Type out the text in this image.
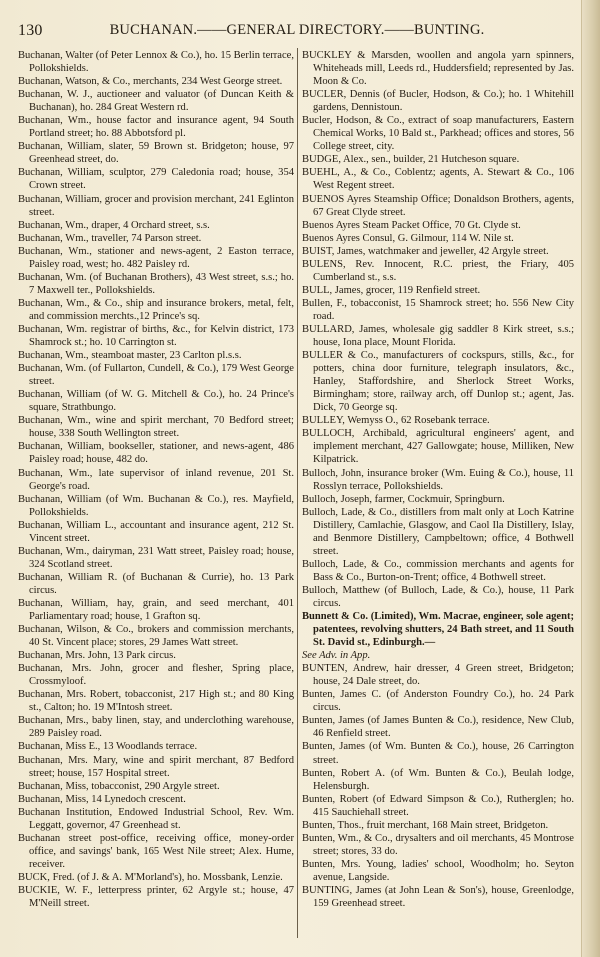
130	BUCHANAN.——GENERAL DIRECTORY.——BUNTING.
Buchanan, Walter (of Peter Lennox & Co.), ho. 15 Berlin terrace, Pollokshields.
Buchanan, Watson, & Co., merchants, 234 West George street.
Buchanan, W. J., auctioneer and valuator (of Duncan Keith & Buchanan), ho. 284 Great Western rd.
Buchanan, Wm., house factor and insurance agent, 94 South Portland street; ho. 88 Abbotsford pl.
Buchanan, William, slater, 59 Brown st. Bridgeton; house, 97 Greenhead street, do.
Buchanan, William, sculptor, 279 Caledonia road; house, 354 Crown street.
Buchanan, William, grocer and provision merchant, 241 Eglinton street.
Buchanan, Wm., draper, 4 Orchard street, s.s.
Buchanan, Wm., traveller, 74 Parson street.
Buchanan, Wm., stationer and news-agent, 2 Easton terrace, Paisley road, west; ho. 482 Paisley rd.
Buchanan, Wm. (of Buchanan Brothers), 43 West street, s.s.; ho. 7 Maxwell ter., Pollokshields.
Buchanan, Wm., & Co., ship and insurance brokers, metal, felt, and commission merchts.,12 Prince's sq.
Buchanan, Wm. registrar of births, &c., for Kelvin district, 173 Shamrock st.; ho. 10 Carrington st.
Buchanan, Wm., steamboat master, 23 Carlton pl.s.s.
Buchanan, Wm. (of Fullarton, Cundell, & Co.), 179 West George street.
Buchanan, William (of W. G. Mitchell & Co.), ho. 24 Prince's square, Strathbungo.
Buchanan, Wm., wine and spirit merchant, 70 Bedford street; house, 338 South Wellington street.
Buchanan, William, bookseller, stationer, and news-agent, 486 Paisley road; house, 482 do.
Buchanan, Wm., late supervisor of inland revenue, 201 St. George's road.
Buchanan, William (of Wm. Buchanan & Co.), res. Mayfield, Pollokshields.
Buchanan, William L., accountant and insurance agent, 212 St. Vincent street.
Buchanan, Wm., dairyman, 231 Watt street, Paisley road; house, 324 Scotland street.
Buchanan, William R. (of Buchanan & Currie), ho. 13 Park circus.
Buchanan, William, hay, grain, and seed merchant, 401 Parliamentary road; house, 1 Grafton sq.
Buchanan, Wilson, & Co., brokers and commission merchants, 40 St. Vincent place; stores, 29 James Watt street.
Buchanan, Mrs. John, 13 Park circus.
Buchanan, Mrs. John, grocer and flesher, Spring place, Crossmyloof.
Buchanan, Mrs. Robert, tobacconist, 217 High st.; and 80 King st., Calton; ho. 19 M'Intosh street.
Buchanan, Mrs., baby linen, stay, and underclothing warehouse, 289 Paisley road.
Buchanan, Miss E., 13 Woodlands terrace.
Buchanan, Mrs. Mary, wine and spirit merchant, 87 Bedford street; house, 157 Hospital street.
Buchanan, Miss, tobacconist, 290 Argyle street.
Buchanan, Miss, 14 Lynedoch crescent.
Buchanan Institution, Endowed Industrial School, Rev. Wm. Leggatt, governor, 47 Greenhead st.
Buchanan street post-office, receiving office, money-order office, and savings' bank, 165 West Nile street; Alex. Hume, receiver.
BUCK, Fred. (of J. & A. M'Morland's), ho. Mossbank, Lenzie.
BUCKIE, W. F., letterpress printer, 62 Argyle st.; house, 47 M'Neill street.
BUCKLEY & Marsden, woollen and angola yarn spinners, Whiteheads mill, Leeds rd., Huddersfield; represented by Jas. Moon & Co.
BUCLER, Dennis (of Bucler, Hodson, & Co.); ho. 1 Whitehill gardens, Dennistoun.
Bucler, Hodson, & Co., extract of soap manufacturers, Eastern Chemical Works, 10 Bald st., Parkhead; offices and stores, 56 College street, city.
BUDGE, Alex., sen., builder, 21 Hutcheson square.
BUEHL, A., & Co., Coblentz; agents, A. Stewart & Co., 106 West Regent street.
BUENOS Ayres Steamship Office; Donaldson Brothers, agents, 67 Great Clyde street.
Buenos Ayres Steam Packet Office, 70 Gt. Clyde st.
Buenos Ayres Consul, G. Gilmour, 114 W. Nile st.
BUIST, James, watchmaker and jeweller, 42 Argyle street.
BULENS, Rev. Innocent, R.C. priest, the Friary, 405 Cumberland st., s.s.
BULL, James, grocer, 119 Renfield street.
Bullen, F., tobacconist, 15 Shamrock street; ho. 556 New City road.
BULLARD, James, wholesale gig saddler 8 Kirk street, s.s.; house, Iona place, Mount Florida.
BULLER & Co., manufacturers of cockspurs, stills, &c., for potters, china door furniture, telegraph insulators, &c., Hanley, Staffordshire, and Sherlock Street Works, Birmingham; store, railway arch, off Dunlop st.; agent, Jas. Dick, 70 George sq.
BULLEY, Wemyss O., 62 Rosebank terrace.
BULLOCH, Archibald, agricultural engineers' agent, and implement merchant, 427 Gallowgate; house, Milliken, New Kilpatrick.
Bulloch, John, insurance broker (Wm. Euing & Co.), house, 11 Rosslyn terrace, Pollokshields.
Bulloch, Joseph, farmer, Cockmuir, Springburn.
Bulloch, Lade, & Co., distillers from malt only at Loch Katrine Distillery, Camlachie, Glasgow, and Caol Ila Distillery, Islay, and Benmore Distillery, Campbeltown; office, 4 Bothwell street.
Bulloch, Lade, & Co., commission merchants and agents for Bass & Co., Burton-on-Trent; office, 4 Bothwell street.
Bulloch, Matthew (of Bulloch, Lade, & Co.), house, 11 Park circus.
Bunnett & Co. (Limited), Wm. Macrae, engineer, sole agent; patentees, revolving shutters, 24 Bath street, and 11 South St. David st., Edinburgh.—
See Adv. in App.
BUNTEN, Andrew, hair dresser, 4 Green street, Bridgeton; house, 24 Dale street, do.
Bunten, James C. (of Anderston Foundry Co.), ho. 24 Park circus.
Bunten, James (of James Bunten & Co.), residence, New Club, 46 Renfield street.
Bunten, James (of Wm. Bunten & Co.), house, 26 Carrington street.
Bunten, Robert A. (of Wm. Bunten & Co.), Beulah lodge, Helensburgh.
Bunten, Robert (of Edward Simpson & Co.), Rutherglen; ho. 415 Sauchiehall street.
Bunten, Thos., fruit merchant, 168 Main street, Bridgeton.
Bunten, Wm., & Co., drysalters and oil merchants, 45 Montrose street; stores, 33 do.
Bunten, Mrs. Young, ladies' school, Woodholm; ho. Seyton avenue, Langside.
BUNTING, James (at John Lean & Son's), house, Greenlodge, 159 Greenhead street.
